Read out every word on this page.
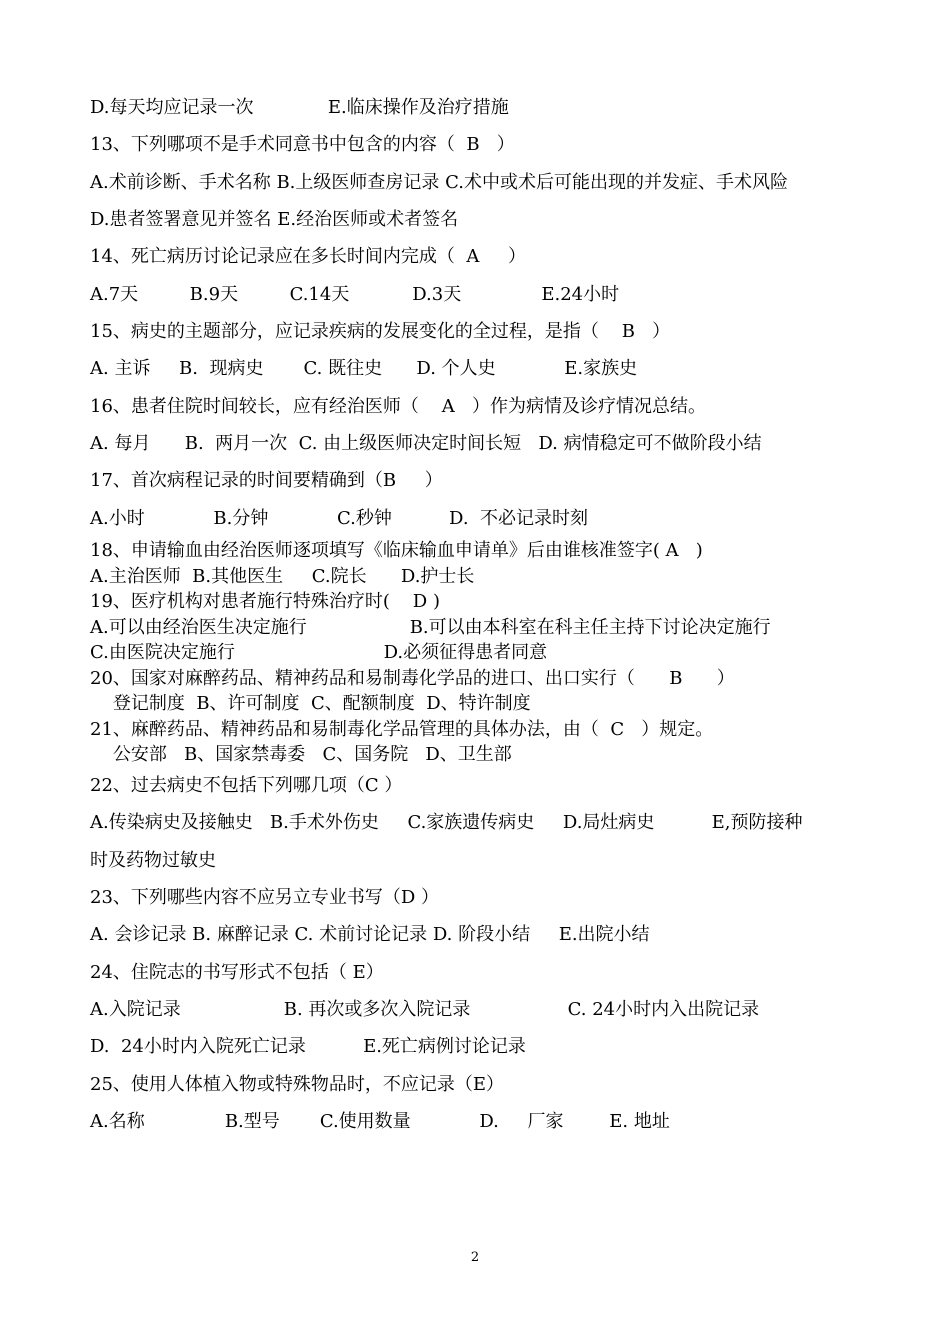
D.每天均应记录一次             E.临床操作及治疗措施
13、下列哪项不是手术同意书中包含的内容（  B   ）
A.术前诊断、手术名称 B.上级医师查房记录 C.术中或术后可能出现的并发症、手术风险
D.患者签署意见并签名 E.经治医师或术者签名
14、死亡病历讨论记录应在多长时间内完成（  A     ）
A.7天         B.9天         C.14天           D.3天              E.24小时
15、病史的主题部分，应记录疾病的发展变化的全过程，是指（    B   ）
A. 主诉     B.  现病史       C. 既往史      D. 个人史            E.家族史
16、患者住院时间较长，应有经治医师（    A   ）作为病情及诊疗情况总结。
A. 每月      B.  两月一次  C. 由上级医师决定时间长短   D. 病情稳定可不做阶段小结
17、首次病程记录的时间要精确到（B     ）
A.小时            B.分钟            C.秒钟          D.  不必记录时刻
18、申请输血由经治医师逐项填写《临床输血申请单》后由谁核准签字( A   )
A.主治医师  B.其他医生     C.院长      D.护士长
19、医疗机构对患者施行特殊治疗时(    D )
A.可以由经治医生决定施行                  B.可以由本科室在科主任主持下讨论决定施行
C.由医院决定施行                          D.必须征得患者同意
20、国家对麻醉药品、精神药品和易制毒化学品的进口、出口实行（      B      ）
登记制度  B、许可制度  C、配额制度  D、特许制度
21、麻醉药品、精神药品和易制毒化学品管理的具体办法，由（  C   ）规定。
公安部   B、国家禁毒委   C、国务院   D、卫生部
22、过去病史不包括下列哪几项（C ）
A.传染病史及接触史   B.手术外伤史     C.家族遗传病史     D.局灶病史          E,预防接种
时及药物过敏史
23、下列哪些内容不应另立专业书写（D ）
A. 会诊记录 B. 麻醉记录 C. 术前讨论记录 D. 阶段小结     E.出院小结
24、住院志的书写形式不包括（ E）
A.入院记录                  B. 再次或多次入院记录                 C. 24小时内入出院记录
D.  24小时内入院死亡记录          E.死亡病例讨论记录
25、使用人体植入物或特殊物品时，不应记录（E）
A.名称              B.型号       C.使用数量            D.     厂家        E. 地址
2
